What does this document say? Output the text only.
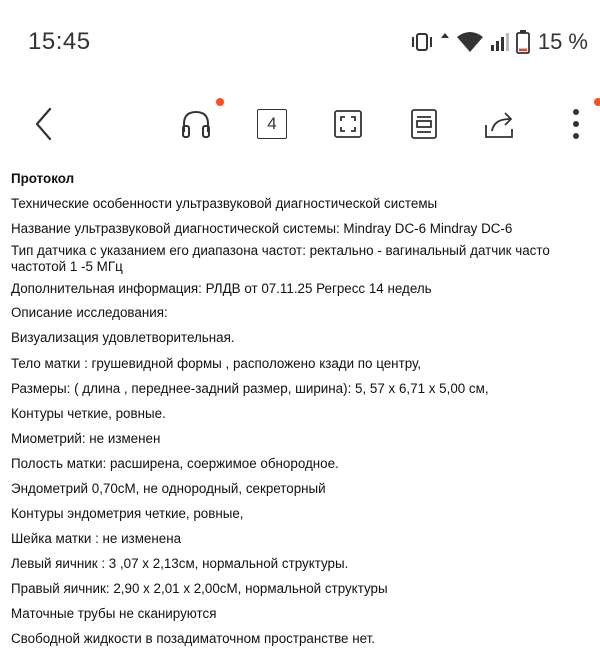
15:45	15 %
4
Протокол
Технические особенности ультразвуковой диагностической системы
Название ультразвуковой диагностической системы: Mindray DC-6 Mindray DC-6
Тип датчика с указанием его диапазона частот: ректально - вагинальный датчик часто
частотой 1 -5 МГц
Дополнительная информация: РЛДВ от 07.11.25 Регресс 14 недель
Описание исследования:
Визуализация удовлетворительная.
Тело матки : грушевидной формы , расположено кзади по центру,
Размеры: ( длина , переднее-задний размер, ширина): 5, 57 x 6,71 x 5,00 см,
Контуры четкие, ровные.
Миометрий: не изменен
Полость матки: расширена, соержимое обнородное.
Эндометрий 0,70сМ, не однородный, секреторный
Контуры эндометрия четкие, ровные,
Шейка матки : не изменена
Левый яичник : 3 ,07 x 2,13см, нормальной структуры.
Правый яичник: 2,90 x 2,01 x 2,00сМ, нормальной структуры
Маточные трубы не сканируются
Свободной жидкости в позадиматочном пространстве нет.
